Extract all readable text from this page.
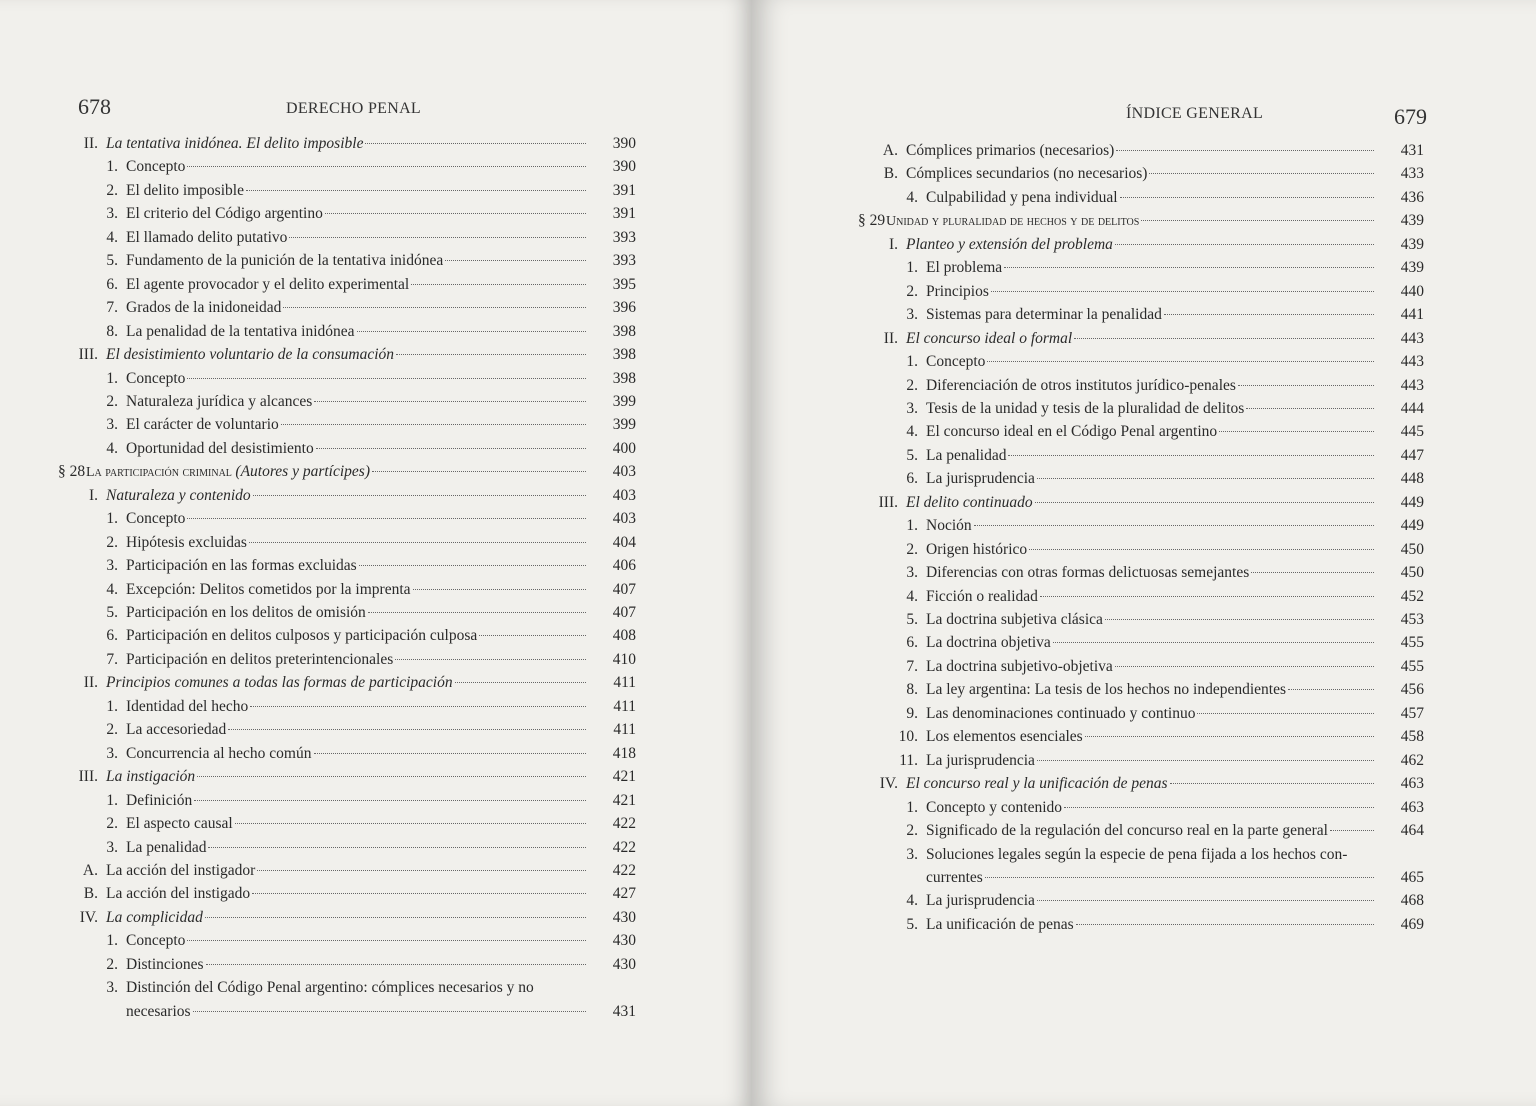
678	DERECHO PENAL
II. La tentativa inidónea. El delito imposible	390
1. Concepto	390
2. El delito imposible	391
3. El criterio del Código argentino	391
4. El llamado delito putativo	393
5. Fundamento de la punición de la tentativa inidónea	393
6. El agente provocador y el delito experimental	395
7. Grados de la inidoneidad	396
8. La penalidad de la tentativa inidónea	398
III. El desistimiento voluntario de la consumación	398
1. Concepto	398
2. Naturaleza jurídica y alcances	399
3. El carácter de voluntario	399
4. Oportunidad del desistimiento	400
§ 28 La participación criminal (Autores y partícipes)	403
I. Naturaleza y contenido	403
1. Concepto	403
2. Hipótesis excluidas	404
3. Participación en las formas excluidas	406
4. Excepción: Delitos cometidos por la imprenta	407
5. Participación en los delitos de omisión	407
6. Participación en delitos culposos y participación culposa	408
7. Participación en delitos preterintencionales	410
II. Principios comunes a todas las formas de participación	411
1. Identidad del hecho	411
2. La accesoriedad	411
3. Concurrencia al hecho común	418
III. La instigación	421
1. Definición	421
2. El aspecto causal	422
3. La penalidad	422
A. La acción del instigador	422
B. La acción del instigado	427
IV. La complicidad	430
1. Concepto	430
2. Distinciones	430
3. Distinción del Código Penal argentino: cómplices necesarios y no
necesarios	431
ÍNDICE GENERAL	679
A. Cómplices primarios (necesarios)	431
B. Cómplices secundarios (no necesarios)	433
4. Culpabilidad y pena individual	436
§ 29 Unidad y pluralidad de hechos y de delitos	439
I. Planteo y extensión del problema	439
1. El problema	439
2. Principios	440
3. Sistemas para determinar la penalidad	441
II. El concurso ideal o formal	443
1. Concepto	443
2. Diferenciación de otros institutos jurídico-penales	443
3. Tesis de la unidad y tesis de la pluralidad de delitos	444
4. El concurso ideal en el Código Penal argentino	445
5. La penalidad	447
6. La jurisprudencia	448
III. El delito continuado	449
1. Noción	449
2. Origen histórico	450
3. Diferencias con otras formas delictuosas semejantes	450
4. Ficción o realidad	452
5. La doctrina subjetiva clásica	453
6. La doctrina objetiva	455
7. La doctrina subjetivo-objetiva	455
8. La ley argentina: La tesis de los hechos no independientes	456
9. Las denominaciones continuado y continuo	457
10. Los elementos esenciales	458
11. La jurisprudencia	462
IV. El concurso real y la unificación de penas	463
1. Concepto y contenido	463
2. Significado de la regulación del concurso real en la parte general	464
3. Soluciones legales según la especie de pena fijada a los hechos con-
currentes	465
4. La jurisprudencia	468
5. La unificación de penas	469
